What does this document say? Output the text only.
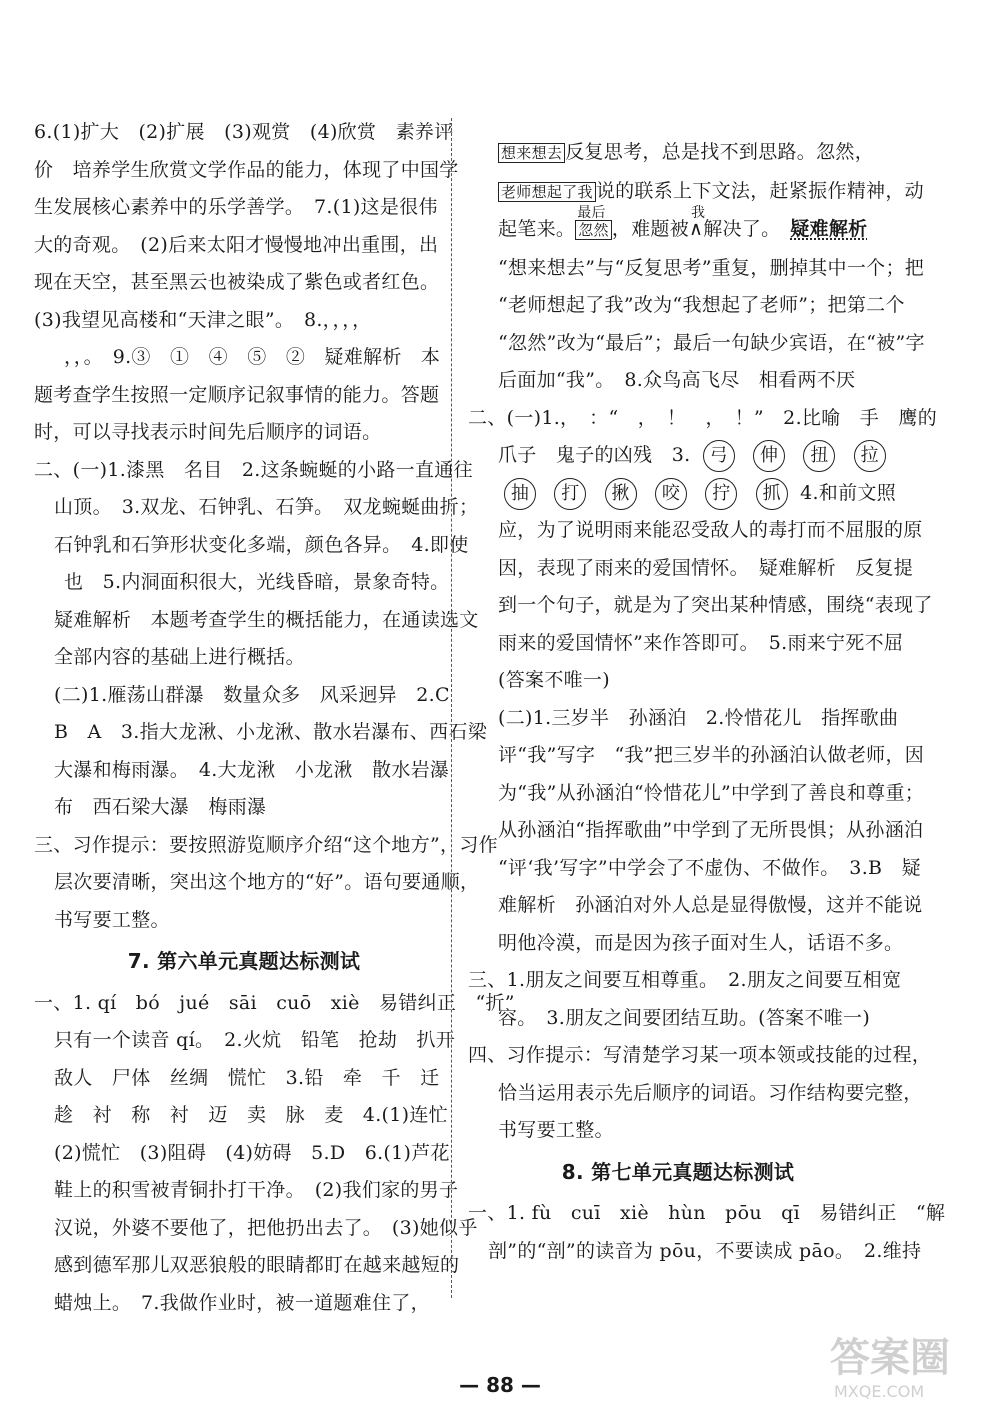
6.(1)扩大　(2)扩展　(3)观赏　(4)欣赏　素养评
价　培养学生欣赏文学作品的能力，体现了中国学
生发展核心素养中的乐学善学。　7.(1)这是很伟
大的奇观。　(2)后来太阳才慢慢地冲出重围，出
现在天空，甚至黑云也被染成了紫色或者红色。
(3)我望见高楼和“天津之眼”。　8.，，，，
，，。　9.③　①　④　⑤　②　疑难解析　本
题考查学生按照一定顺序记叙事情的能力。答题
时，可以寻找表示时间先后顺序的词语。
二、(一)1.漆黑　名目　2.这条蜿蜒的小路一直通往
山顶。　3.双龙、石钟乳、石笋。　双龙蜿蜒曲折；
石钟乳和石笋形状变化多端，颜色各异。　4.即使
也　5.内洞面积很大，光线昏暗，景象奇特。
疑难解析　本题考查学生的概括能力，在通读选文
全部内容的基础上进行概括。
(二)1.雁荡山群瀑　数量众多　风采迥异　2.C
B　A　3.指大龙湫、小龙湫、散水岩瀑布、西石梁
大瀑和梅雨瀑。　4.大龙湫　小龙湫　散水岩瀑
布　西石梁大瀑　梅雨瀑
三、习作提示：要按照游览顺序介绍“这个地方”，习作
层次要清晰，突出这个地方的“好”。语句要通顺，
书写要工整。
7. 第六单元真题达标测试
一、1. qí　bó　jué　sāi　cuō　xiè　易错纠正　“折”
只有一个读音 qí。　2.火炕　铅笔　抢劫　扒开
敌人　尸体　丝绸　慌忙　3.铅　牵　千　迁
趁　衬　称　衬　迈　卖　脉　麦　4.(1)连忙
(2)慌忙　(3)阻碍　(4)妨碍　5.D　6.(1)芦花
鞋上的积雪被青铜扑打干净。　(2)我们家的男子
汉说，外婆不要他了，把他扔出去了。　(3)她似乎
感到德军那儿双恶狼般的眼睛都盯在越来越短的
蜡烛上。　7.我做作业时，被一道题难住了，
想来想去 反复思考，总是找不到思路。忽然，
老师想起了我 说的联系上下文法，赶紧振作精神，动
起笔来。
最后
忽然 ，难题被
我
∧解决了。　 疑难解析
“想来想去”与“反复思考”重复，删掉其中一个；把
“老师想起了我”改为“我想起了老师”；把第二个
“忽然”改为“最后”；最后一句缺少宾语，在“被”字
后面加“我”。　8.众鸟高飞尽　相看两不厌
二、(一)1.，　：“　，　！　，　！”　2.比喻　手　鹰的
爪子　鬼子的凶残　3. 弓 伸 扭 拉
抽 打 揪 咬 拧 抓 4.和前文照
应，为了说明雨来能忍受敌人的毒打而不屈服的原
因，表现了雨来的爱国情怀。　疑难解析　反复提
到一个句子，就是为了突出某种情感，围绕“表现了
雨来的爱国情怀”来作答即可。　5.雨来宁死不屈
(答案不唯一)
(二)1.三岁半　孙涵泊　2.怜惜花儿　指挥歌曲
评“我”写字　“我”把三岁半的孙涵泊认做老师，因
为“我”从孙涵泊“怜惜花儿”中学到了善良和尊重；
从孙涵泊“指挥歌曲”中学到了无所畏惧；从孙涵泊
“评‘我’写字”中学会了不虚伪、不做作。　3.B　疑
难解析　孙涵泊对外人总是显得傲慢，这并不能说
明他冷漠，而是因为孩子面对生人，话语不多。
三、1.朋友之间要互相尊重。　2.朋友之间要互相宽
容。　3.朋友之间要团结互助。(答案不唯一)
四、习作提示：写清楚学习某一项本领或技能的过程，
恰当运用表示先后顺序的词语。习作结构要完整，
书写要工整。
8. 第七单元真题达标测试
一、1. fù　cuī　xiè　hùn　pōu　qī　易错纠正　“解
剖”的“剖”的读音为 pōu，不要读成 pāo。　2.维持
— 88 —
答案圈
MXQE.COM
